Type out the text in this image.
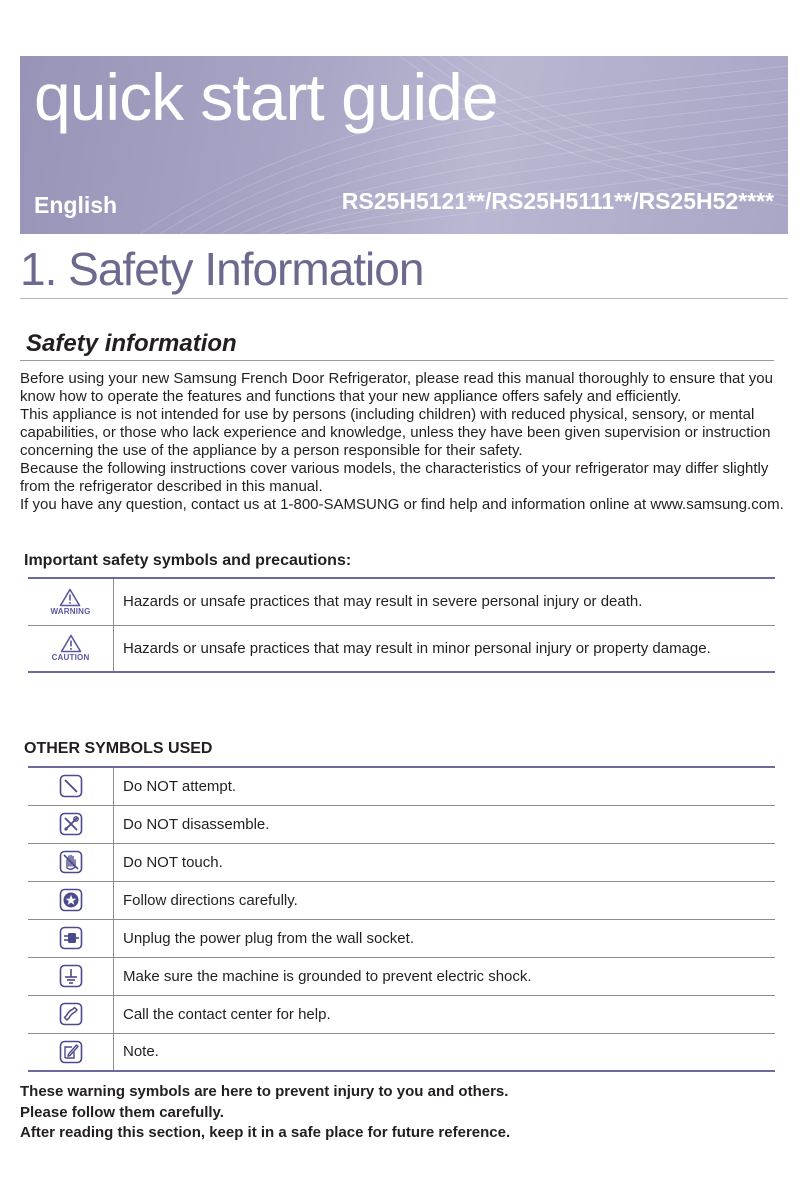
quick start guide
English	RS25H5121**/RS25H5111**/RS25H52****
1. Safety Information
Safety information

Before using your new Samsung French Door Refrigerator, please read this manual thoroughly to ensure that you know how to operate the features and functions that your new appliance offers safely and efficiently.

This appliance is not intended for use by persons (including children) with reduced physical, sensory, or mental capabilities, or those who lack experience and knowledge, unless they have been given supervision or instruction concerning the use of the appliance by a person responsible for their safety.

Because the following instructions cover various models, the characteristics of your refrigerator may differ slightly from the refrigerator described in this manual.

If you have any question, contact us at 1-800-SAMSUNG or find help and information online at www.samsung.com.

Important safety symbols and precautions:
WARNING	Hazards or unsafe practices that may result in severe personal injury or death.

CAUTION	Hazards or unsafe practices that may result in minor personal injury or property damage.
OTHER SYMBOLS USED
	Do NOT attempt.
	Do NOT disassemble.
	Do NOT touch.
	Follow directions carefully.
	Unplug the power plug from the wall socket.
	Make sure the machine is grounded to prevent electric shock.
	Call the contact center for help.
	Note.

These warning symbols are here to prevent injury to you and others.

Please follow them carefully.

After reading this section, keep it in a safe place for future reference.
